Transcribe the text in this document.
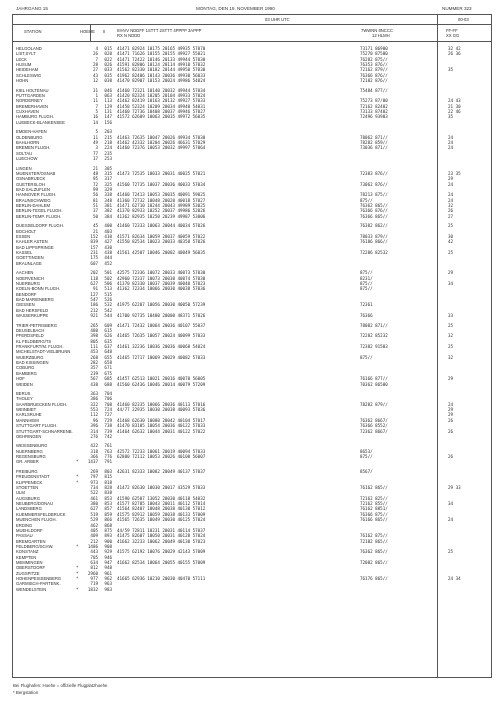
JAHRGANG 15	MONTAG, DEN 19. NOVEMBER 1990	NUMMER 323
03 UHR UTC	00-03
STATION	HOEHE II	IIIHVV NDDFF 1STTT 2STTT 4PPPP 3APPP
RX N NDDD
7WWNN 8NCCC
12 HLMH
FF-FF
XX GG
HELGOLAND	4 015 41471 82924 10175 20165 49935 57070	73171 86900	32 42
LIST,SYLT	26 020 41471 71626 10155 20155 49927 55021	75270 87500	26 36
LECK	7 022 41471 72422 10146 20133 49944 57030	76282 875//
HUSUM	28 026 41591 82806 10124 20114 49910 57032	76353 876//
HEIDEHAM	27 033 41562 82330 10182 20144 49950 57030	72162 879//	35
SCHLESWIG	43 035 41962 82406 10143 20036 49930 56033	76366 876//
HOHN	12 038 41470 82907 10153 20024 49986 54024	72182 876//
KIEL HOLTENAU	31 046 41460 72321 10140 20032 49944 57034	75484 877//
PUTTGARDEN	1 063 41420 82324 10205 20104 49933 57024
NORDERNEY	11 113 41462 82419 10163 20132 49927 57033	75273 87/00	24 43
BREMERHAVEN	7 129 41450 52324 10209 20034 49940 54031	72162 82402	21 30
CUXHAVEN	5 131 41460 72736 10408 20037 49946 57027	73133 87402	22 46
HAMBURG FLUGH.	16 147 41572 62609 10063 20035 49972 56035	72496 93903	35
LUEBECK-BLANKENSEE	14 156
EMDEN-HAFEN	5 203
OLDENBURG	11 215 41463 72635 10047 20026 49934 57030	78062 871//	24
BAHLHORN	49 218 41462 42332 10204 20026 46631 57029	78282 859//	24
BREMEN FLUGH.	3 224 41460 72376 10053 20032 49997 57064	73036 871//	24
SOLTAU	77 235
LUECHOW	17 253
LINGEN	21 305
MUENSTER/OSNAB	48 315 41473 72535 10033 20031 40025 57021	72383 876//	23 35
OSNABRUECK	95 317	29
GUETERSLOH	72 325 41560 72735 10037 20036 40033 57034	73062 876//	24
BAD SALZUFLEN	99 329
HANNOVER FLUGH.	56 338 41460 72413 10053 20035 40091 59025	78213 875//	24
BRAUNSCHWEIG	81 348 41360 72732 10048 20020 40018 57027	875//	24
BERLIN-DAHLEM	51 381 41471 62710 10244 20043 49989 53025	76362 865//	32
BERLIN-TEGEL FLUGH.	37 382 41370 82933 10252 20037 49986 52026	76366 876//	26
BERLIN-TEMP. FLUGH.	50 384 41362 82935 10250 20239 49987 53006	76366 865//	27
DUESSELDORF FLUGH.	45 400 41460 72333 10063 20044 40034 57026	76382 862//	25
BOCHOLT	21 403
ESSEN	152 410 41571 82634 10059 20037 40059 57022	78033 879//	30
KAHLER ASTEN	839 427 41550 82534 10023 20033 48358 57026	76186 866//	42
BAD LIPPSPRINGE	157 430
KASSEL	231 438 41561 42507 10046 20002 40049 56035	72286 82532	25
GOETTINGEN	175 444
BRAUNLAGE	607 452
AACHEN	202 501 42575 72336 10072 20033 40073 57030	875//	29
NOERVENICH	118 502 42960 72337 10073 20030 40074 57030	8231/
NUERBURG	627 506 41370 82330 10037 20039 40040 57023	875//	34
KOELN-BONN FLUGH.	91 513 41362 72334 10066 20030 40038 57036	875//
BENDORF	127 515
BAD MARIENBERG	547 526
GIESSEN	186 532 41975 62207 10056 20030 40050 57239	72361
BAD HERSFELD	212 542
WASSERKUPPE	921 544 41700 92735 10400 20000 48371 57026	76366	33
TRIER-PETRISBERG	265 609 41471 72432 10064 20036 40107 55037	78082 871//	25
DEUSELBACH	480 615
PFERDSFELD	398 626 41465 72635 10057 20024 40099 57033	72282 85232	32
KL FELDBERG/TS	805 635
FRANKFURT/M. FLUGH.	111 637 41461 32236 10036 20036 40068 54024	72382 91503	25
MICHELSTADT-VIELBRUNN	453 648
WUERZBURG	268 655 41465 72717 10069 20029 40082 57033	875//	32
BAD KISSINGEN	282 658
COBURG	357 671
BAMBERG	239 675
HOF	567 685 41457 62513 10021 20016 40070 56005	76166 877//	29
WEIDEN	438 688 41560 62436 10046 20014 40079 57209	70362 86500
BERUS	363 704
THOLEY	386 706
SAARBRUECKEN FLUGH.	322 708 41460 82335 10066 20036 40113 57016	78282 879//	24
WEINBIET	553 724 44/77 22935 10030 20038 40093 57036	29
KARLSRUHE	112 727	29
MANNHEIM	96 729 41468 62630 10080 20042 40104 57017	76362 8667/	26
STUTTGART FLUGH.	396 738 41470 83105 10054 20036 40122 57033	76366 8552/
STUTTGART-SCHNARRENB.	314 739 41464 62632 10044 20031 40122 57022	72362 8667/	26
OEHRINGEN	276 742
WEISSENBURG	422 761
NUERNBERG	318 763 42572 72233 10061 20019 40094 57033	8653/
REGENSBURG	366 776 62800 72112 10053 20026 40100 56007	875//	26
GR. ARBER	* 1437 791
FREIBURG	269 803 42631 82333 10082 20049 40137 57037	8567/
FREUDENSTADT	*	797 815
KLIPPENECK	*	973 818
STOETTEN	734 828 41472 82630 10030 20017 43529 57033	76162 865//	29 33
ULM	522 838
AUGSBURG	461 853 41590 62507 13052 20030 40118 54032	72162 825//
NEUBERG/DONAU	380 853 41577 82705 10043 20011 40112 57014	72162 855//	34
LANDSBERG	627 857 41564 82407 10048 20038 40130 57012	76162 8851/
KUEMMERSFELDBRUCK	519 859 41575 82912 10059 20038 40133 57009	76366 875//
MUENCHEN FLUGH.	529 866 41565 72635 10049 20030 40125 57024	76166 865//	24
ERDING	462 868
MUEHLDORF	405 875 44/59 72811 10231 20031 40114 57037
PASSAU	409 893 41475 82607 10050 20031 40128 57024	76162 875//
BREMGARTEN	212 900 41662 32233 10062 20049 40130 57023	72182 865//
FELDBERG/SCHW.	* 1486 908
KONSTANZ	443 929 41575 62192 10076 20029 42143 57009	76362 865//	25
KEMPTEN	705 946
MEMMINGEN	634 947 41662 82534 10064 20055 40155 57009	72082 865//
OBERSTDORF	*	812 948
ZUGSPITZE	* 2960 961
HOHENPEISSENBERG	*	977 962 41665 62936 10210 20030 40470 57111	76176 865//	24 34
GARMISCH-PARTENK.	719 963
WENDELSTEIN	* 1832 983
Bei Flughafen: Hoehe = offizielle Flugplatzhoehe
* Bergstation
